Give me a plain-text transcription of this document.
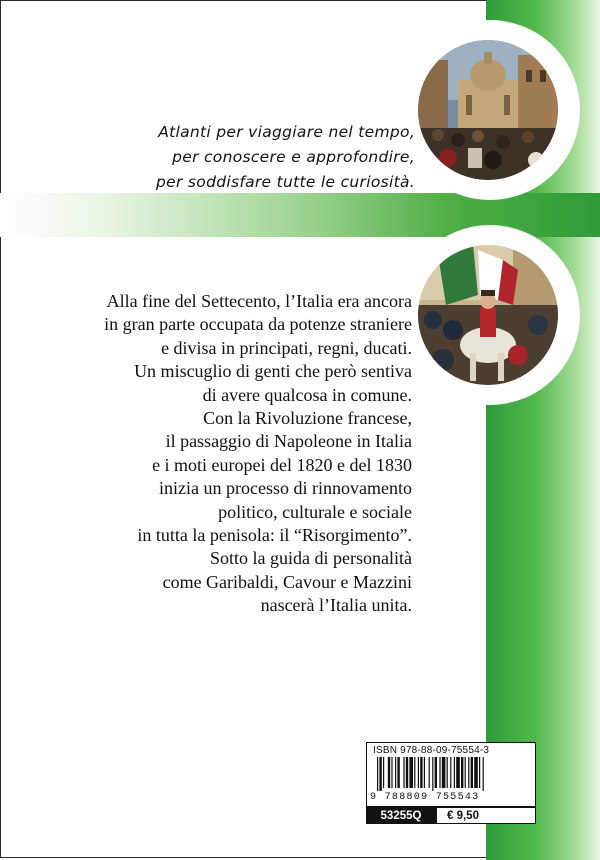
Atlanti per viaggiare nel tempo,
per conoscere e approfondire,
per soddisfare tutte le curiosità.
Alla fine del Settecento, l’Italia era ancora
in gran parte occupata da potenze straniere
e divisa in principati, regni, ducati.
Un miscuglio di genti che però sentiva
di avere qualcosa in comune.
Con la Rivoluzione francese,
il passaggio di Napoleone in Italia
e i moti europei del 1820 e del 1830
inizia un processo di rinnovamento
politico, culturale e sociale
in tutta la penisola: il “Risorgimento”.
Sotto la guida di personalità
come Garibaldi, Cavour e Mazzini
nascerà l’Italia unita.
ISBN 978-88-09-75554-3
9 788809 755543
53255Q	€ 9,50
